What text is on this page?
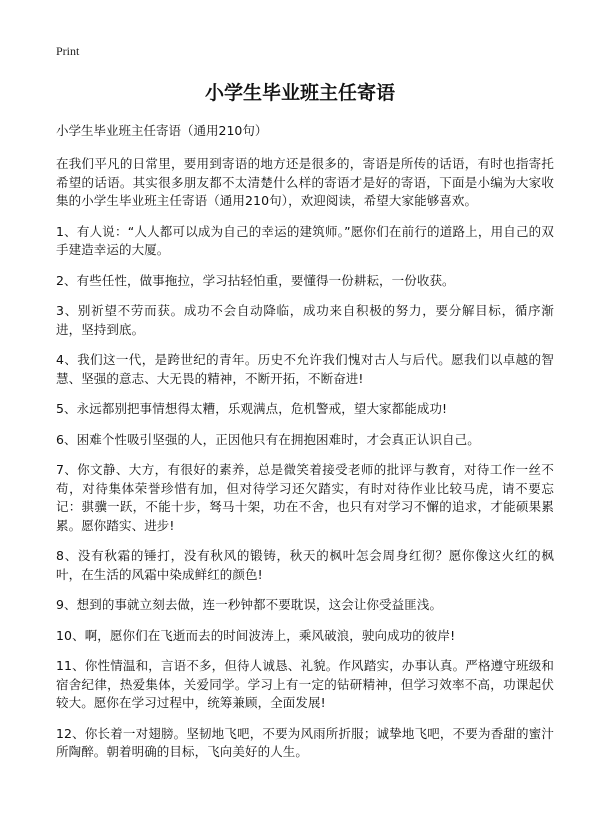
Print
小学生毕业班主任寄语

小学生毕业班主任寄语（通用210句）

在我们平凡的日常里，要用到寄语的地方还是很多的，寄语是所传的话语，有时也指寄托希望的话语。其实很多朋友都不太清楚什么样的寄语才是好的寄语，下面是小编为大家收集的小学生毕业班主任寄语（通用210句），欢迎阅读，希望大家能够喜欢。

1、有人说：“人人都可以成为自己的幸运的建筑师。”愿你们在前行的道路上，用自己的双手建造幸运的大厦。

2、有些任性，做事拖拉，学习拈轻怕重，要懂得一份耕耘，一份收获。

3、别祈望不劳而获。成功不会自动降临，成功来自积极的努力，要分解目标，循序渐进，坚持到底。

4、我们这一代，是跨世纪的青年。历史不允许我们愧对古人与后代。愿我们以卓越的智慧、坚强的意志、大无畏的精神，不断开拓，不断奋进!

5、永远都别把事情想得太糟，乐观满点，危机警戒，望大家都能成功!

6、困难个性吸引坚强的人，正因他只有在拥抱困难时，才会真正认识自己。

7、你文静、大方，有很好的素养，总是微笑着接受老师的批评与教育，对待工作一丝不苟，对待集体荣誉珍惜有加，但对待学习还欠踏实，有时对待作业比较马虎，请不要忘记：骐骥一跃，不能十步，驽马十架，功在不舍，也只有对学习不懈的追求，才能硕果累累。愿你踏实、进步!

8、没有秋霜的锤打，没有秋风的锻铸，秋天的枫叶怎会周身红彻？愿你像这火红的枫叶，在生活的风霜中染成鲜红的颜色!

9、想到的事就立刻去做，连一秒钟都不要耽误，这会让你受益匪浅。

10、啊，愿你们在飞逝而去的时间波涛上，乘风破浪，驶向成功的彼岸!

11、你性情温和，言语不多，但待人诚恳、礼貌。作风踏实，办事认真。严格遵守班级和宿舍纪律，热爱集体，关爱同学。学习上有一定的钻研精神，但学习效率不高，功课起伏较大。愿你在学习过程中，统筹兼顾，全面发展!

12、你长着一对翅膀。坚韧地飞吧，不要为风雨所折服；诚挚地飞吧，不要为香甜的蜜汁所陶醉。朝着明确的目标，飞向美好的人生。
